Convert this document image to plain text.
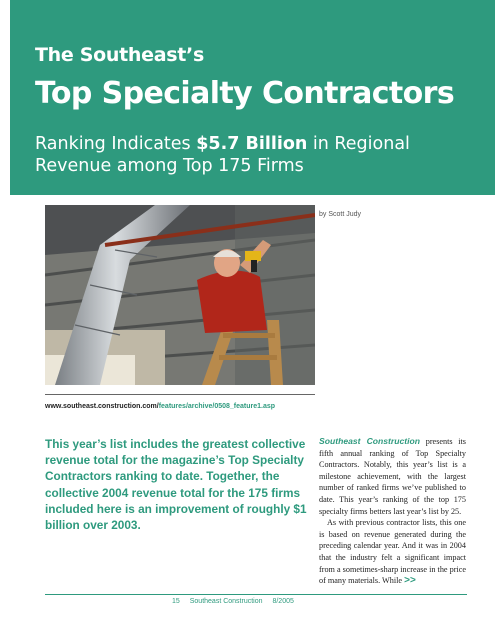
The Southeast’s
Top Specialty Contractors
Ranking Indicates $5.7 Billion in Regional Revenue among Top 175 Firms
by Scott Judy
www.southeast.construction.com/features/archive/0508_feature1.asp
This year’s list includes the greatest collective revenue total for the magazine’s Top Specialty Contractors ranking to date. Together, the collective 2004 revenue total for the 175 firms included here is an improvement of roughly $1 billion over 2003.

Southeast Construction presents its fifth annual ranking of Top Specialty Contractors. Notably, this year’s list is a milestone achievement, with the largest number of ranked firms we’ve published to date. This year’s ranking of the top 175 specialty firms betters last year’s list by 25.

As with previous contractor lists, this one is based on revenue generated during the preceding calendar year. And it was in 2004 that the industry felt a significant impact from a sometimes-sharp increase in the price of many materials. While >>

15 Southeast Construction 8/2005
